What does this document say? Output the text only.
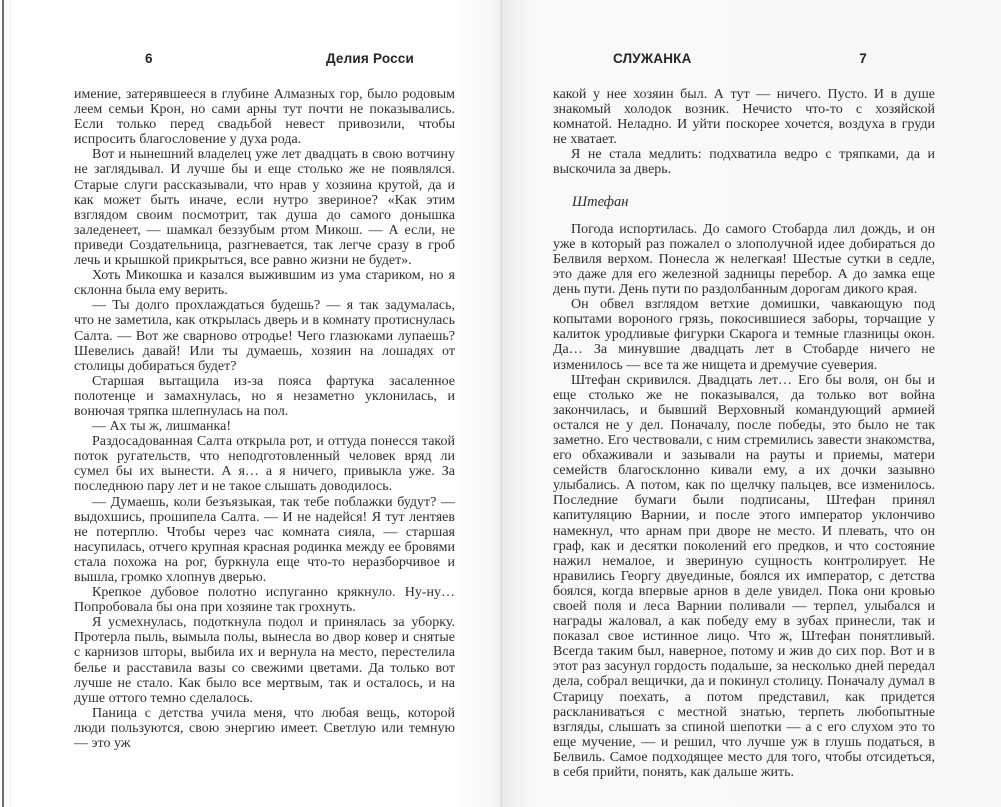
6	Делия Росси

имение, затерявшееся в глубине Алмазных гор, было родовым леем семьи Крон, но сами арны тут почти не показывались. Если только перед свадьбой невест привозили, чтобы испросить благословение у духа рода.

Вот и нынешний владелец уже лет двадцать в свою вотчину не заглядывал. И лучше бы и еще столько же не появлялся. Старые слуги рассказывали, что нрав у хозяина крутой, да и как может быть иначе, если нутро звериное? «Как этим взглядом своим посмотрит, так душа до самого донышка заледенеет, — шамкал беззубым ртом Микош. — А если, не приведи Создательница, разгневается, так легче сразу в гроб лечь и крышкой прикрыться, все равно жизни не будет».

Хоть Микошка и казался выжившим из ума стариком, но я склонна была ему верить.

— Ты долго прохлаждаться будешь? — я так задумалась, что не заметила, как открылась дверь и в комнату протиснулась Салта. — Вот же сварново отродье! Чего глазюками лупаешь? Шевелись давай! Или ты думаешь, хозяин на лошадях от столицы добираться будет?

Старшая вытащила из-за пояса фартука засаленное полотенце и замахнулась, но я незаметно уклонилась, и вонючая тряпка шлепнулась на пол.

— Ах ты ж, лишманка!

Раздосадованная Салта открыла рот, и оттуда понесся такой поток ругательств, что неподготовленный человек вряд ли сумел бы их вынести. А я… а я ничего, привыкла уже. За последнюю пару лет и не такое слышать доводилось.

— Думаешь, коли безъязыкая, так тебе поблажки будут? — выдохшись, прошипела Салта. — И не надейся! Я тут лентяев не потерплю. Чтобы через час комната сияла, — старшая насупилась, отчего крупная красная родинка между ее бровями стала похожа на рог, буркнула еще что-то неразборчивое и вышла, громко хлопнув дверью.

Крепкое дубовое полотно испуганно крякнуло. Ну-ну… Попробовала бы она при хозяине так грохнуть.

Я усмехнулась, подоткнула подол и принялась за уборку. Протерла пыль, вымыла полы, вынесла во двор ковер и снятые с карнизов шторы, выбила их и вернула на место, перестелила белье и расставила вазы со свежими цветами. Да только вот лучше не стало. Как было все мертвым, так и осталось, и на душе оттого темно сделалось.

Паница с детства учила меня, что любая вещь, которой люди пользуются, свою энергию имеет. Светлую или темную — это уж

СЛУЖАНКА	7

какой у нее хозяин был. А тут — ничего. Пусто. И в душе знакомый холодок возник. Нечисто что-то с хозяйской комнатой. Неладно. И уйти поскорее хочется, воздуха в груди не хватает.

Я не стала медлить: подхватила ведро с тряпками, да и выскочила за дверь.

Штефан

Погода испортилась. До самого Стобарда лил дождь, и он уже в который раз пожалел о злополучной идее добираться до Белвиля верхом. Понесла ж нелегкая! Шестые сутки в седле, это даже для его железной задницы перебор. А до замка еще день пути. День пути по раздолбанным дорогам дикого края.

Он обвел взглядом ветхие домишки, чавкающую под копытами вороного грязь, покосившиеся заборы, торчащие у калиток уродливые фигурки Скарога и темные глазницы окон. Да… За минувшие двадцать лет в Стобарде ничего не изменилось — все та же нищета и дремучие суеверия.

Штефан скривился. Двадцать лет… Его бы воля, он бы и еще столько же не показывался, да только вот война закончилась, и бывший Верховный командующий армией остался не у дел. Поначалу, после победы, это было не так заметно. Его чествовали, с ним стремились завести знакомства, его обхаживали и зазывали на рауты и приемы, матери семейств благосклонно кивали ему, а их дочки зазывно улыбались. А потом, как по щелчку пальцев, все изменилось. Последние бумаги были подписаны, Штефан принял капитуляцию Варнии, и после этого император уклончиво намекнул, что арнам при дворе не место. И плевать, что он граф, как и десятки поколений его предков, и что состояние нажил немалое, и звериную сущность контролирует. Не нравились Георгу двуединые, боялся их император, с детства боялся, когда впервые арнов в деле увидел. Пока они кровью своей поля и леса Варнии поливали — терпел, улыбался и награды жаловал, а как победу ему в зубах принесли, так и показал свое истинное лицо. Что ж, Штефан понятливый. Всегда таким был, наверное, потому и жив до сих пор. Вот и в этот раз засунул гордость подальше, за несколько дней передал дела, собрал вещички, да и покинул столицу. Поначалу думал в Старицу поехать, а потом представил, как придется раскланиваться с местной знатью, терпеть любопытные взгляды, слышать за спиной шепотки — а с его слухом это то еще мучение, — и решил, что лучше уж в глушь податься, в Белвиль. Самое подходящее место для того, чтобы отсидеться, в себя прийти, понять, как дальше жить.
